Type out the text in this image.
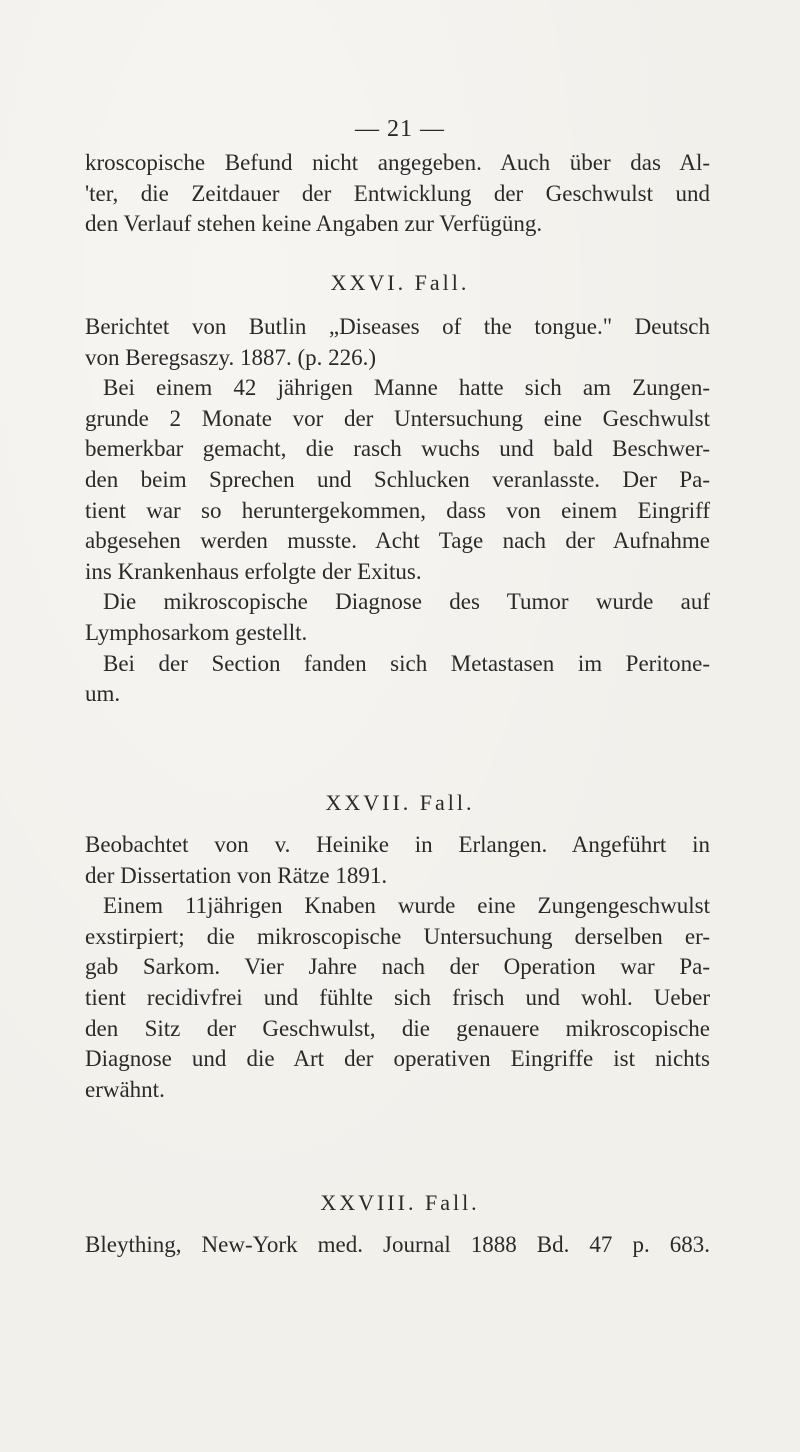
— 21 —
kroscopische Befund nicht angegeben. Auch über das Al-
'ter, die Zeitdauer der Entwicklung der Geschwulst und
den Verlauf stehen keine Angaben zur Verfügüng.
XXVI. Fall.
Berichtet von Butlin „Diseases of the tongue." Deutsch
von Beregsaszy. 1887. (p. 226.)
Bei einem 42 jährigen Manne hatte sich am Zungen-
grunde 2 Monate vor der Untersuchung eine Geschwulst
bemerkbar gemacht, die rasch wuchs und bald Beschwer-
den beim Sprechen und Schlucken veranlasste. Der Pa-
tient war so heruntergekommen, dass von einem Eingriff
abgesehen werden musste. Acht Tage nach der Aufnahme
ins Krankenhaus erfolgte der Exitus.
Die mikroscopische Diagnose des Tumor wurde auf
Lymphosarkom gestellt.
Bei der Section fanden sich Metastasen im Peritone-
um.
XXVII. Fall.
Beobachtet von v. Heinike in Erlangen. Angeführt in
der Dissertation von Rätze 1891.
Einem 11jährigen Knaben wurde eine Zungengeschwulst
exstirpiert; die mikroscopische Untersuchung derselben er-
gab Sarkom. Vier Jahre nach der Operation war Pa-
tient recidivfrei und fühlte sich frisch und wohl. Ueber
den Sitz der Geschwulst, die genauere mikroscopische
Diagnose und die Art der operativen Eingriffe ist nichts
erwähnt.
XXVIII. Fall.
Bleything, New-York med. Journal 1888 Bd. 47 p. 683.
